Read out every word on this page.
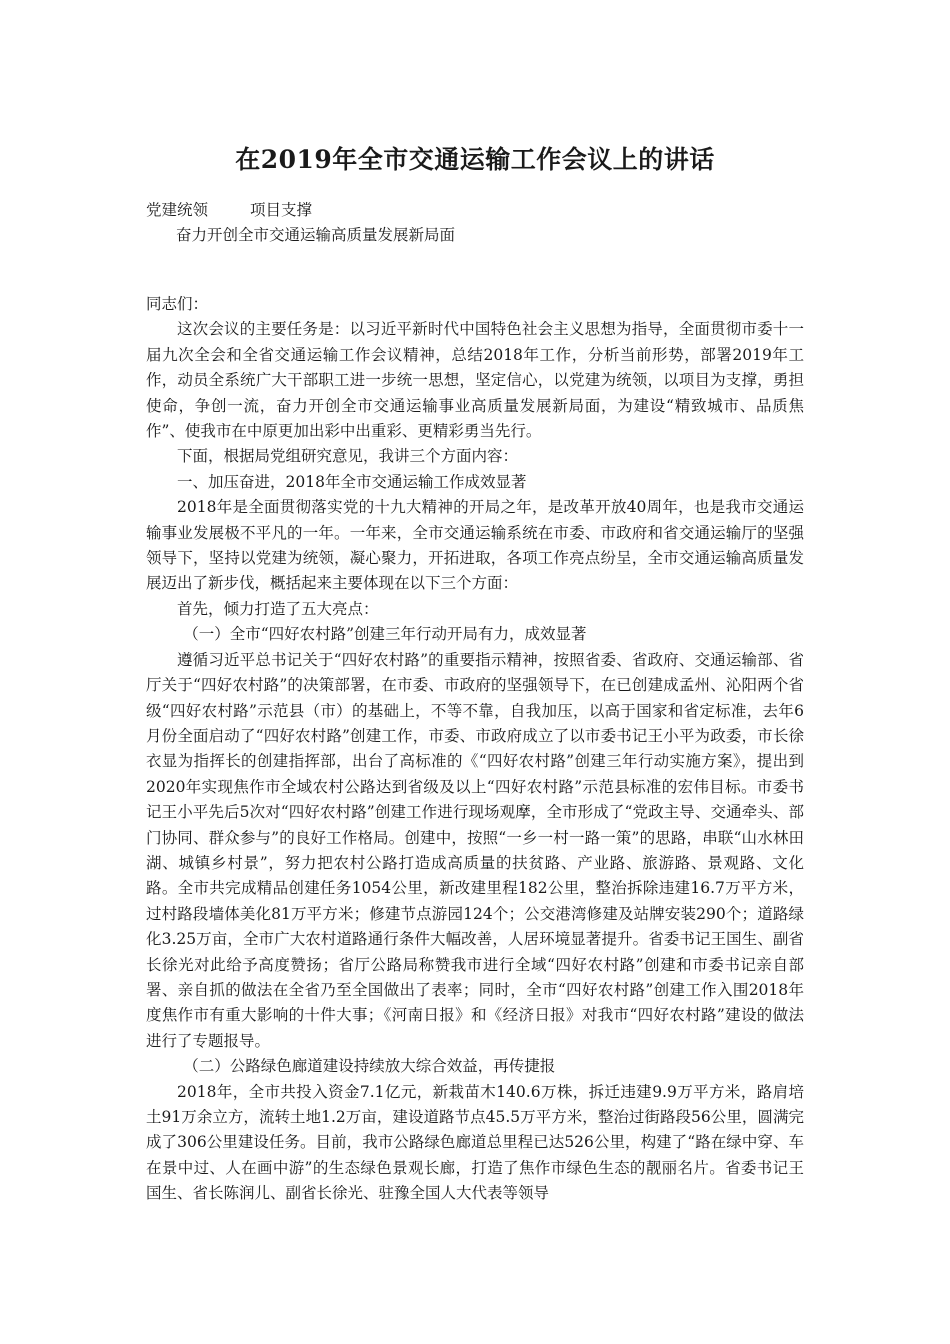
在2019年全市交通运输工作会议上的讲话
党建统领	项目支撑
奋力开创全市交通运输高质量发展新局面

同志们：

这次会议的主要任务是：以习近平新时代中国特色社会主义思想为指导，全面贯彻市委十一届九次全会和全省交通运输工作会议精神，总结2018年工作，分析当前形势，部署2019年工作，动员全系统广大干部职工进一步统一思想，坚定信心，以党建为统领，以项目为支撑，勇担使命，争创一流，奋力开创全市交通运输事业高质量发展新局面，为建设“精致城市、品质焦作”、使我市在中原更加出彩中出重彩、更精彩勇当先行。

下面，根据局党组研究意见，我讲三个方面内容：

一、加压奋进，2018年全市交通运输工作成效显著

2018年是全面贯彻落实党的十九大精神的开局之年，是改革开放40周年，也是我市交通运输事业发展极不平凡的一年。一年来，全市交通运输系统在市委、市政府和省交通运输厅的坚强领导下，坚持以党建为统领，凝心聚力，开拓进取，各项工作亮点纷呈，全市交通运输高质量发展迈出了新步伐，概括起来主要体现在以下三个方面：

首先，倾力打造了五大亮点：

（一）全市“四好农村路”创建三年行动开局有力，成效显著

遵循习近平总书记关于“四好农村路”的重要指示精神，按照省委、省政府、交通运输部、省厅关于“四好农村路”的决策部署，在市委、市政府的坚强领导下，在已创建成孟州、沁阳两个省级“四好农村路”示范县（市）的基础上，不等不靠，自我加压，以高于国家和省定标准，去年6月份全面启动了“四好农村路”创建工作，市委、市政府成立了以市委书记王小平为政委，市长徐衣显为指挥长的创建指挥部，出台了高标准的《“四好农村路”创建三年行动实施方案》，提出到2020年实现焦作市全域农村公路达到省级及以上“四好农村路”示范县标准的宏伟目标。市委书记王小平先后5次对“四好农村路”创建工作进行现场观摩，全市形成了“党政主导、交通牵头、部门协同、群众参与”的良好工作格局。创建中，按照“一乡一村一路一策”的思路，串联“山水林田湖、城镇乡村景”，努力把农村公路打造成高质量的扶贫路、产业路、旅游路、景观路、文化路。全市共完成精品创建任务1054公里，新改建里程182公里，整治拆除违建16.7万平方米，过村路段墙体美化81万平方米；修建节点游园124个；公交港湾修建及站牌安装290个；道路绿化3.25万亩，全市广大农村道路通行条件大幅改善，人居环境显著提升。省委书记王国生、副省长徐光对此给予高度赞扬；省厅公路局称赞我市进行全域“四好农村路”创建和市委书记亲自部署、亲自抓的做法在全省乃至全国做出了表率；同时，全市“四好农村路”创建工作入围2018年度焦作市有重大影响的十件大事；《河南日报》和《经济日报》对我市“四好农村路”建设的做法进行了专题报导。

（二）公路绿色廊道建设持续放大综合效益，再传捷报

2018年，全市共投入资金7.1亿元，新栽苗木140.6万株，拆迁违建9.9万平方米，路肩培土91万余立方，流转土地1.2万亩，建设道路节点45.5万平方米，整治过街路段56公里，圆满完成了306公里建设任务。目前，我市公路绿色廊道总里程已达526公里，构建了“路在绿中穿、车在景中过、人在画中游”的生态绿色景观长廊，打造了焦作市绿色生态的靓丽名片。省委书记王国生、省长陈润儿、副省长徐光、驻豫全国人大代表等领导
